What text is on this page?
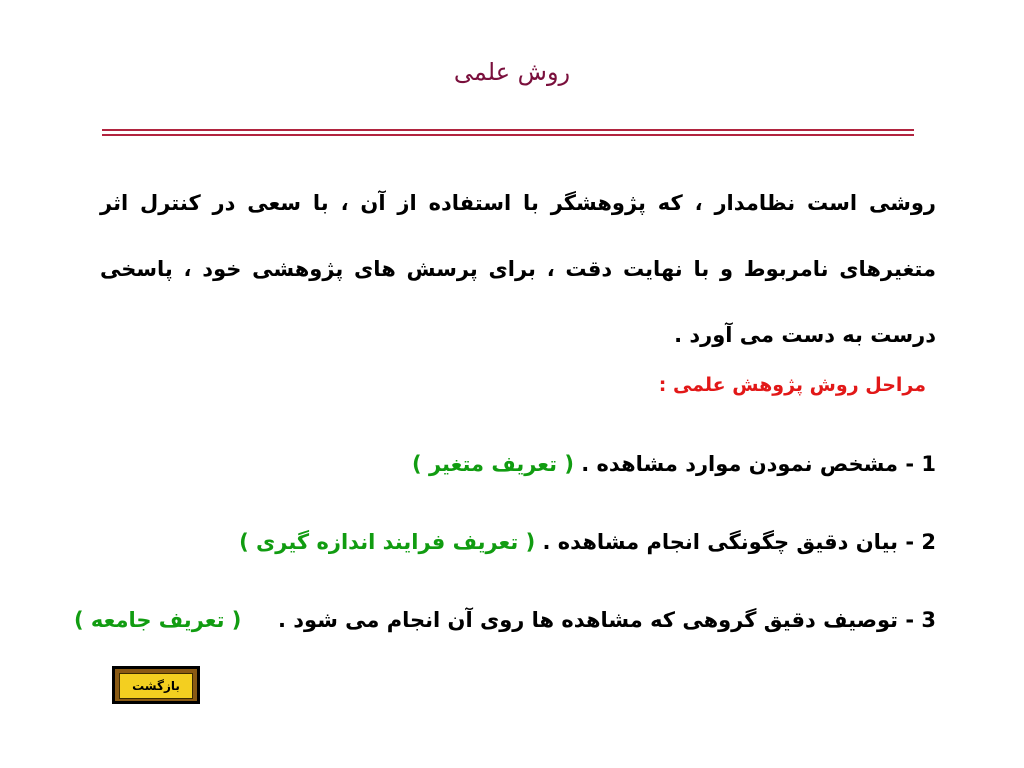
روش علمی

روشی است نظامدار ، که پژوهشگر با استفاده از آن ، با سعی در کنترل اثر متغیرهای نامربوط و با نهایت دقت ، برای پرسش های پژوهشی خود ، پاسخی درست به دست می آورد .

مراحل روش پژوهش علمی :
1 - مشخص نمودن موارد مشاهده . ( تعریف متغیر )
2 - بیان دقیق چگونگی انجام مشاهده . ( تعریف فرایند اندازه گیری )
3 - توصیف دقیق گروهی که مشاهده ها روی آن انجام می شود .     ( تعریف جامعه )
بازگشت
